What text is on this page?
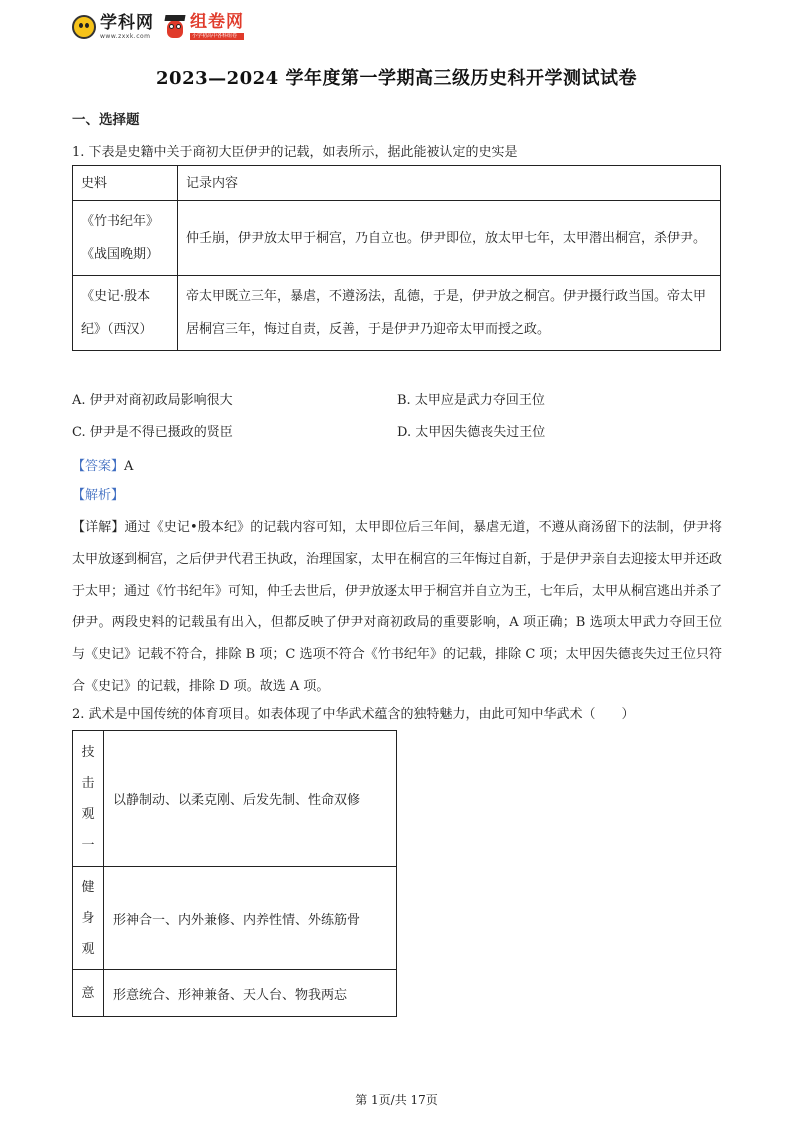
学科网
www.zxxk.com
组卷网
小学初高中各科组卷
2023—2024 学年度第一学期高三级历史科开学测试试卷
一、选择题
1. 下表是史籍中关于商初大臣伊尹的记载，如表所示，据此能被认定的史实是
史料	记录内容

《竹书纪年》
《战国晚期）	仲壬崩，伊尹放太甲于桐宫，乃自立也。伊尹即位，放太甲七年，太甲潜出桐宫，杀伊尹。

《史记·殷本
纪》（西汉）	帝太甲既立三年，暴虐，不遵汤法，乱德，于是，伊尹放之桐宫。伊尹摄行政当国。帝太甲居桐宫三年，悔过自责，反善，于是伊尹乃迎帝太甲而授之政。
A. 伊尹对商初政局影响很大	B. 太甲应是武力夺回王位
C. 伊尹是不得已摄政的贤臣	D. 太甲因失德丧失过王位
【答案】A
【解析】
【详解】通过《史记•殷本纪》的记载内容可知，太甲即位后三年间，暴虐无道，不遵从商汤留下的法制，伊尹将太甲放逐到桐宫，之后伊尹代君王执政，治理国家，太甲在桐宫的三年悔过自新，于是伊尹亲自去迎接太甲并还政于太甲；通过《竹书纪年》可知，仲壬去世后，伊尹放逐太甲于桐宫并自立为王，七年后，太甲从桐宫逃出并杀了伊尹。两段史料的记载虽有出入，但都反映了伊尹对商初政局的重要影响，A 项正确；B 选项太甲武力夺回王位与《史记》记载不符合，排除 B 项；C 选项不符合《竹书纪年》的记载，排除 C 项；太甲因失德丧失过王位只符合《史记》的记载，排除 D 项。故选 A 项。
2. 武术是中国传统的体育项目。如表体现了中华武术蕴含的独特魅力，由此可知中华武术（　　）
技
击
观
一	以静制动、以柔克刚、后发先制、性命双修

健
身
观	形神合一、内外兼修、内养性情、外练筋骨

意	形意统合、形神兼备、天人台、物我两忘
第 1页/共 17页
